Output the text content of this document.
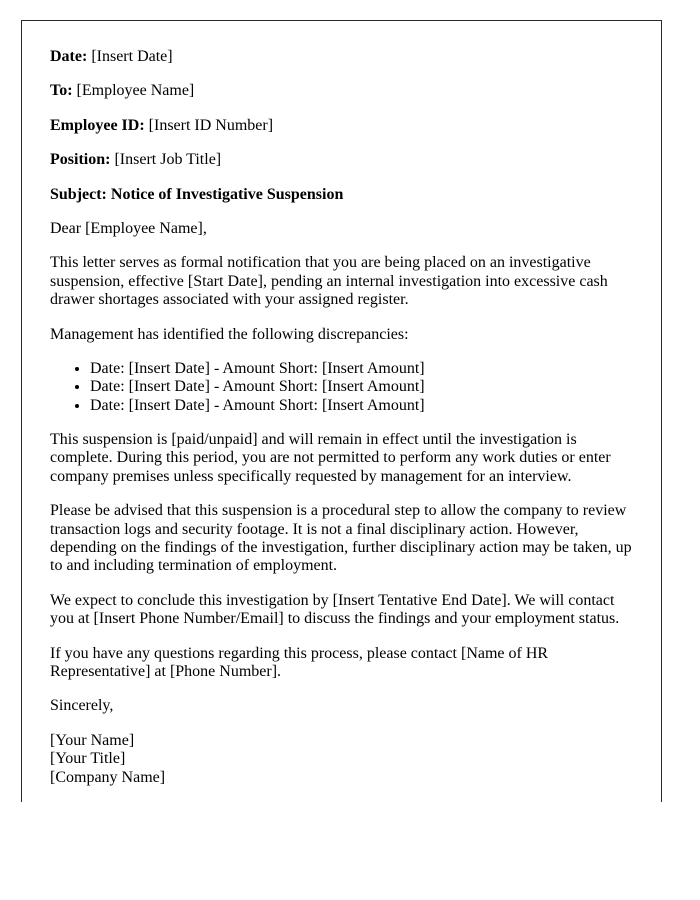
Date: [Insert Date]

To: [Employee Name]

Employee ID: [Insert ID Number]

Position: [Insert Job Title]

Subject: Notice of Investigative Suspension

Dear [Employee Name],

This letter serves as formal notification that you are being placed on an investigative suspension, effective [Start Date], pending an internal investigation into excessive cash drawer shortages associated with your assigned register.

Management has identified the following discrepancies:

• Date: [Insert Date] - Amount Short: [Insert Amount]
• Date: [Insert Date] - Amount Short: [Insert Amount]
• Date: [Insert Date] - Amount Short: [Insert Amount]

This suspension is [paid/unpaid] and will remain in effect until the investigation is complete. During this period, you are not permitted to perform any work duties or enter company premises unless specifically requested by management for an interview.

Please be advised that this suspension is a procedural step to allow the company to review transaction logs and security footage. It is not a final disciplinary action. However, depending on the findings of the investigation, further disciplinary action may be taken, up to and including termination of employment.

We expect to conclude this investigation by [Insert Tentative End Date]. We will contact you at [Insert Phone Number/Email] to discuss the findings and your employment status.

If you have any questions regarding this process, please contact [Name of HR Representative] at [Phone Number].

Sincerely,

[Your Name]
[Your Title]
[Company Name]
